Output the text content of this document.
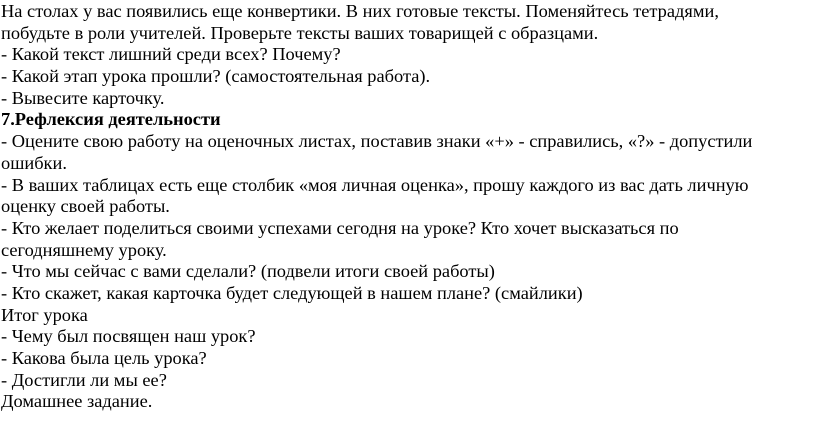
На столах у вас появились еще конвертики. В них готовые тексты. Поменяйтесь тетрадями,
побудьте в роли учителей. Проверьте тексты ваших товарищей с образцами.
- Какой текст лишний среди всех? Почему?
- Какой этап урока прошли? (самостоятельная работа).
- Вывесите карточку.
7.Рефлексия деятельности
- Оцените свою работу на оценочных листах, поставив знаки «+» - справились, «?» - допустили
ошибки.
- В ваших таблицах есть еще столбик «моя личная оценка», прошу каждого из вас дать личную
оценку своей работы.
- Кто желает поделиться своими успехами сегодня на уроке? Кто хочет высказаться по
сегодняшнему уроку.
- Что мы сейчас с вами сделали? (подвели итоги своей работы)
- Кто скажет, какая карточка будет следующей в нашем плане? (смайлики)
Итог урока
- Чему был посвящен наш урок?
- Какова была цель урока?
- Достигли ли мы ее?
Домашнее задание.
